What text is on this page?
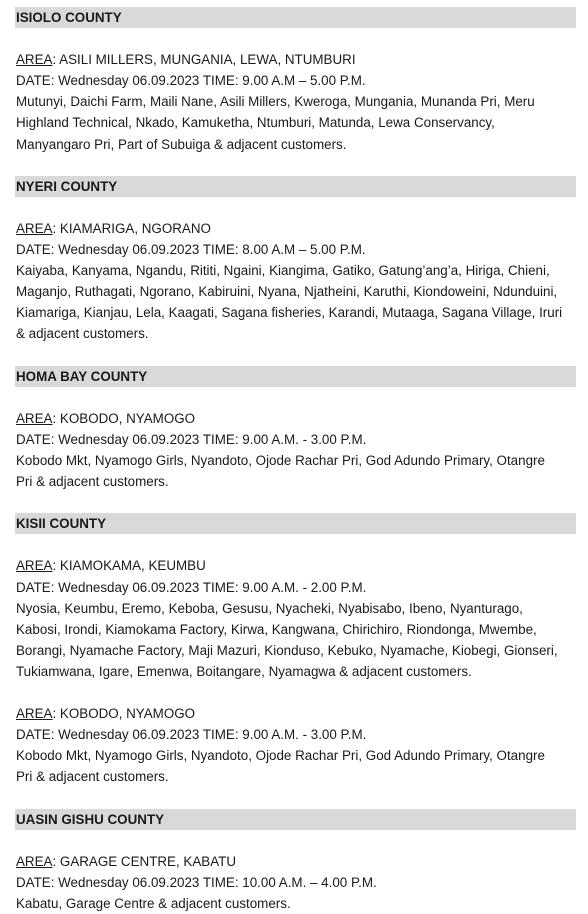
ISIOLO COUNTY

AREA: ASILI MILLERS, MUNGANIA, LEWA, NTUMBURI
DATE: Wednesday 06.09.2023 TIME: 9.00 A.M – 5.00 P.M.
Mutunyi, Daichi Farm, Maili Nane, Asili Millers, Kweroga, Mungania, Munanda Pri, Meru Highland Technical, Nkado, Kamuketha, Ntumburi, Matunda, Lewa Conservancy, Manyangaro Pri, Part of Subuiga & adjacent customers.
NYERI COUNTY

AREA: KIAMARIGA, NGORANO
DATE: Wednesday 06.09.2023 TIME: 8.00 A.M – 5.00 P.M.
Kaiyaba, Kanyama, Ngandu, Rititi, Ngaini, Kiangima, Gatiko, Gatung’ang’a, Hiriga, Chieni, Maganjo, Ruthagati, Ngorano, Kabiruini, Nyana, Njatheini, Karuthi, Kiondoweini, Ndunduini, Kiamariga, Kianjau, Lela, Kaagati, Sagana fisheries, Karandi, Mutaaga, Sagana Village, Iruri & adjacent customers.
HOMA BAY COUNTY

AREA: KOBODO, NYAMOGO
DATE: Wednesday 06.09.2023 TIME: 9.00 A.M. - 3.00 P.M.
Kobodo Mkt, Nyamogo Girls, Nyandoto, Ojode Rachar Pri, God Adundo Primary, Otangre Pri & adjacent customers.
KISII COUNTY

AREA: KIAMOKAMA, KEUMBU
DATE: Wednesday 06.09.2023 TIME: 9.00 A.M. - 2.00 P.M.
Nyosia, Keumbu, Eremo, Keboba, Gesusu, Nyacheki, Nyabisabo, Ibeno, Nyanturago, Kabosi, Irondi, Kiamokama Factory, Kirwa, Kangwana, Chirichiro, Riondonga, Mwembe, Borangi, Nyamache Factory, Maji Mazuri, Kionduso, Kebuko, Nyamache, Kiobegi, Gionseri, Tukiamwana, Igare, Emenwa, Boitangare, Nyamagwa & adjacent customers.
AREA: KOBODO, NYAMOGO
DATE: Wednesday 06.09.2023 TIME: 9.00 A.M. - 3.00 P.M.
Kobodo Mkt, Nyamogo Girls, Nyandoto, Ojode Rachar Pri, God Adundo Primary, Otangre Pri & adjacent customers.
UASIN GISHU COUNTY

AREA: GARAGE CENTRE, KABATU
DATE: Wednesday 06.09.2023 TIME: 10.00 A.M. – 4.00 P.M.
Kabatu, Garage Centre & adjacent customers.
